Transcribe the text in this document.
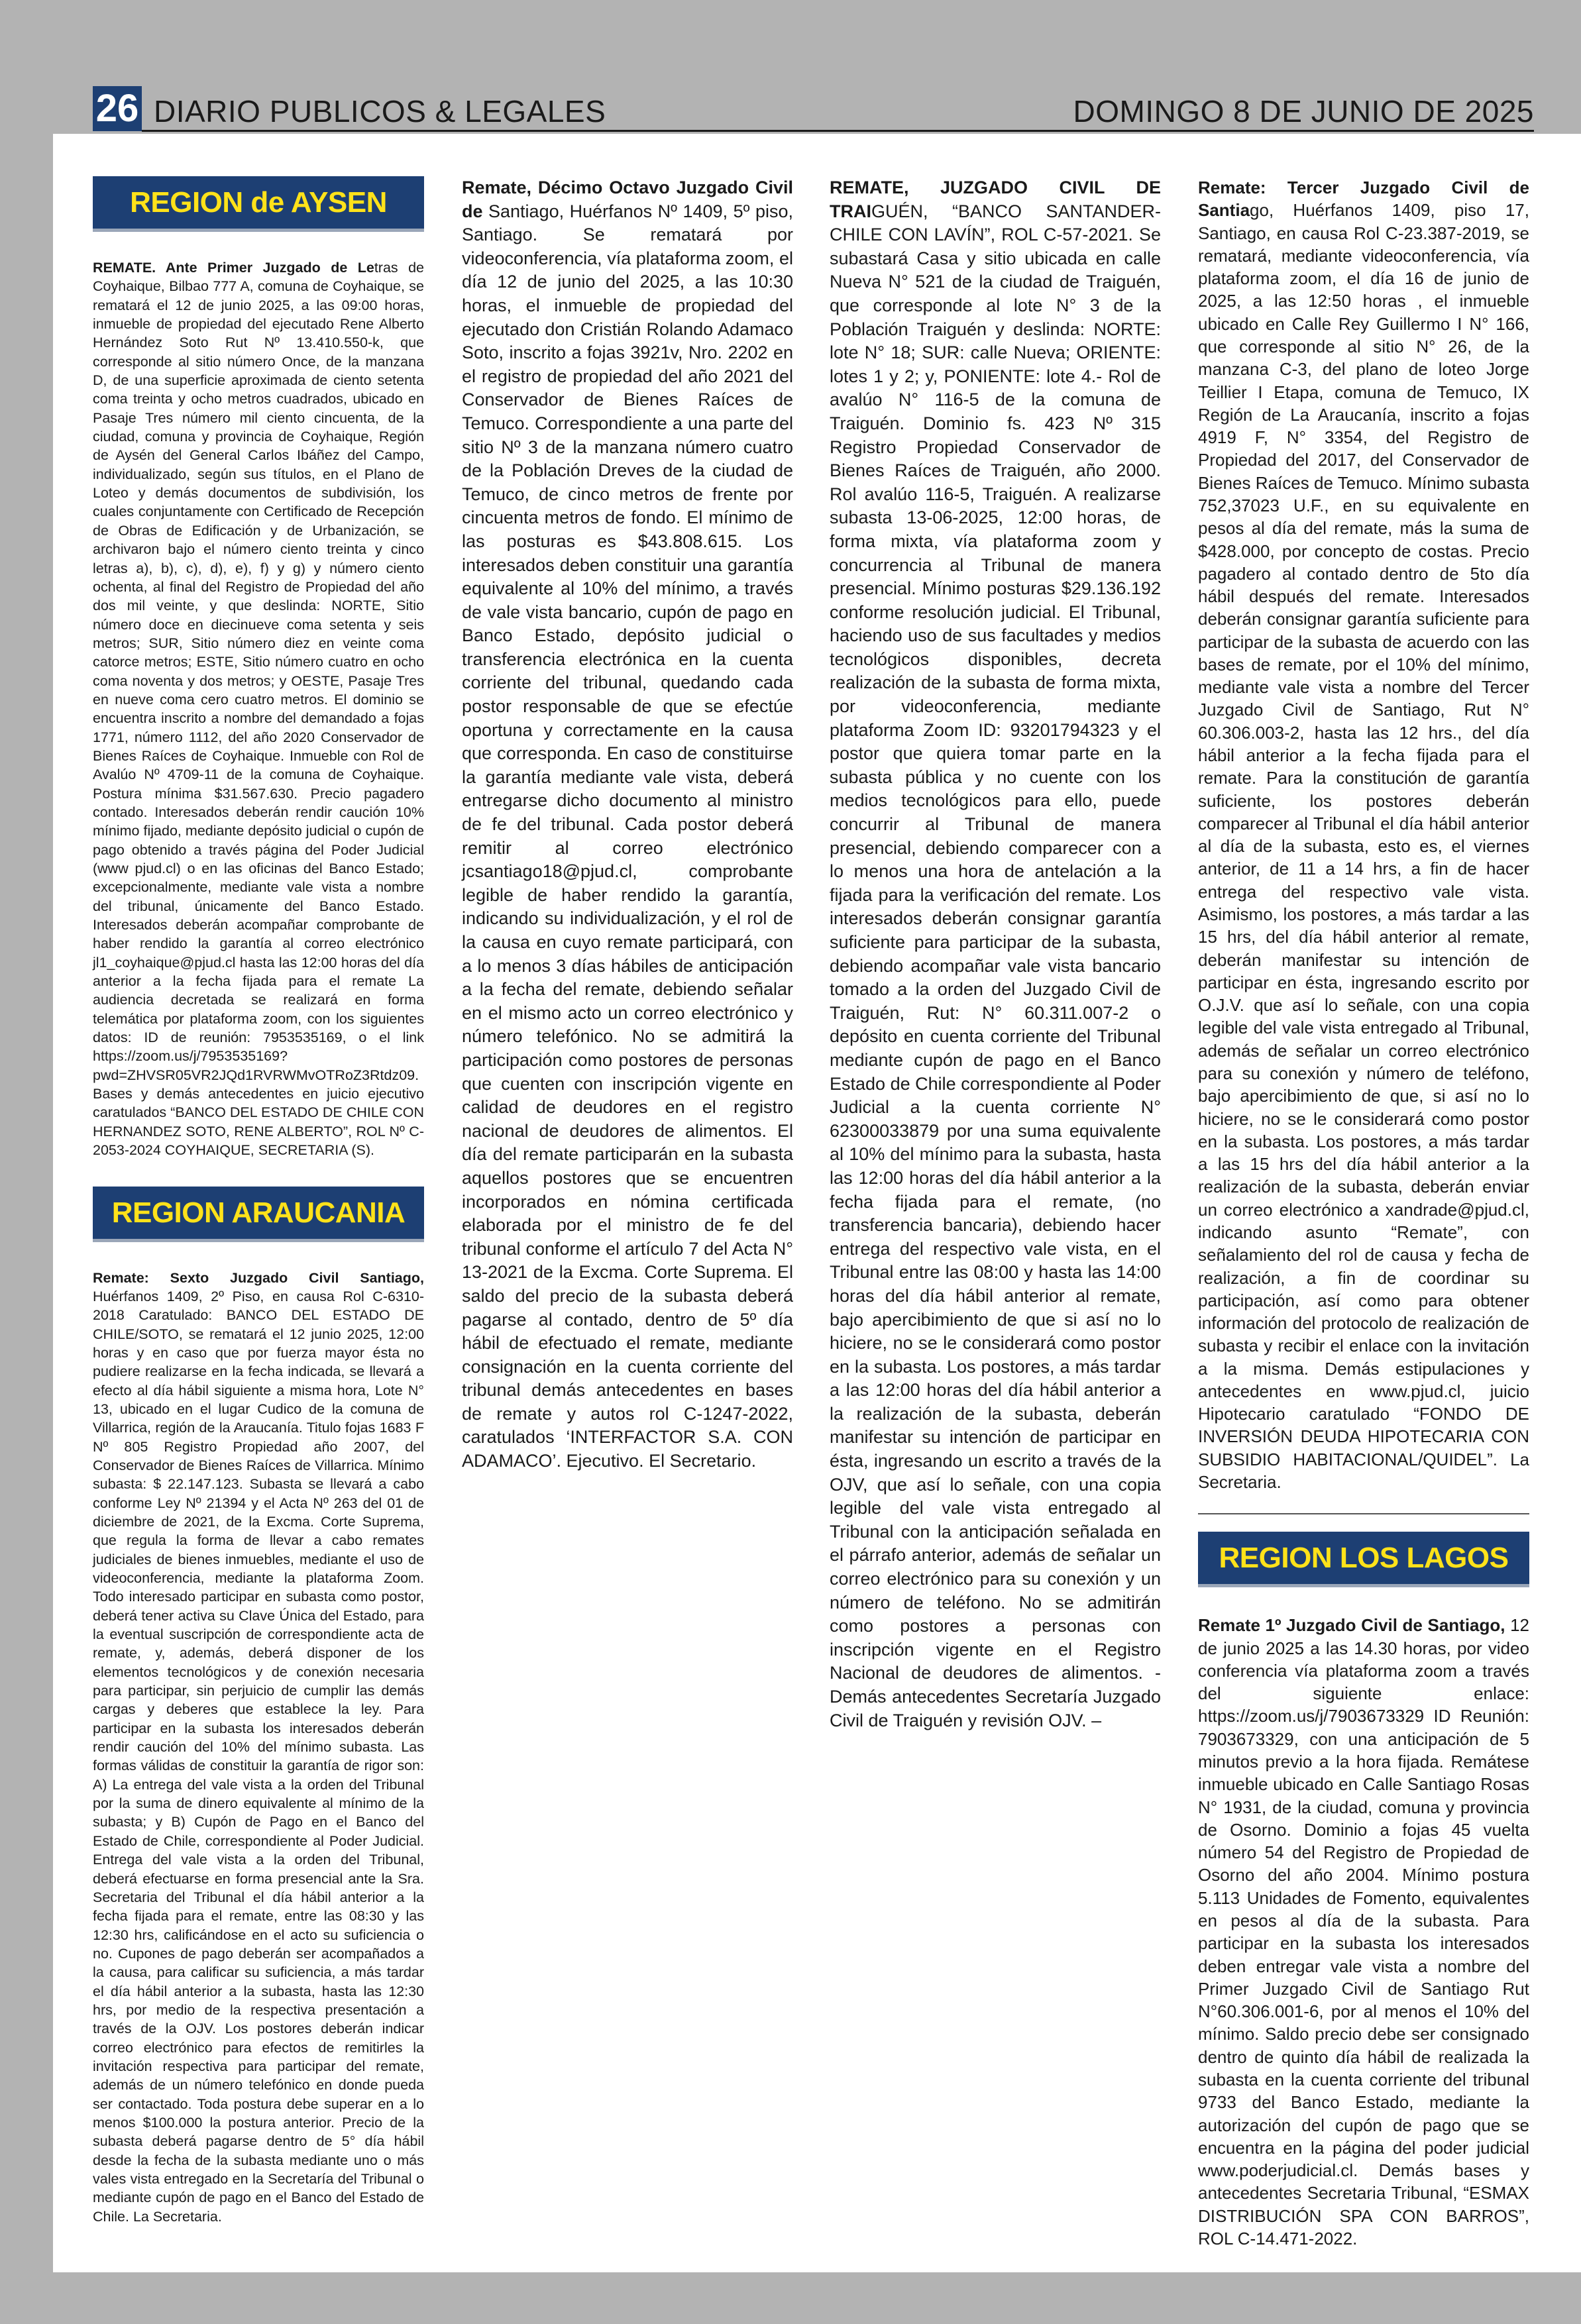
26 DIARIO PUBLICOS & LEGALES	DOMINGO 8 DE JUNIO DE 2025
REGION de AYSEN

REMATE. Ante Primer Juzgado de Letras de Coyhaique, Bilbao 777 A, comuna de Coyhaique, se rematará el 12 de junio 2025, a las 09:00 horas, inmueble de propiedad del ejecutado Rene Alberto Hernández Soto Rut Nº 13.410.550-k, que corresponde al sitio número Once, de la manzana D, de una superficie aproximada de ciento setenta coma treinta y ocho metros cuadrados, ubicado en Pasaje Tres número mil ciento cincuenta, de la ciudad, comuna y provincia de Coyhaique, Región de Aysén del General Carlos Ibáñez del Campo, individualizado, según sus títulos, en el Plano de Loteo y demás documentos de subdivisión, los cuales conjuntamente con Certificado de Recepción de Obras de Edificación y de Urbanización, se archivaron bajo el número ciento treinta y cinco letras a), b), c), d), e), f) y g) y número ciento ochenta, al final del Registro de Propiedad del año dos mil veinte, y que deslinda: NORTE, Sitio número doce en diecinueve coma setenta y seis metros; SUR, Sitio número diez en veinte coma catorce metros; ESTE, Sitio número cuatro en ocho coma noventa y dos metros; y OESTE, Pasaje Tres en nueve coma cero cuatro metros. El dominio se encuentra inscrito a nombre del demandado a fojas 1771, número 1112, del año 2020 Conservador de Bienes Raíces de Coyhaique. Inmueble con Rol de Avalúo Nº 4709-11 de la comuna de Coyhaique. Postura mínima $31.567.630. Precio pagadero contado. Interesados deberán rendir caución 10% mínimo fijado, mediante depósito judicial o cupón de pago obtenido a través página del Poder Judicial (www pjud.cl) o en las oficinas del Banco Estado; excepcionalmente, mediante vale vista a nombre del tribunal, únicamente del Banco Estado. Interesados deberán acompañar comprobante de haber rendido la garantía al correo electrónico jl1_coyhaique@pjud.cl hasta las 12:00 horas del día anterior a la fecha fijada para el remate La audiencia decretada se realizará en forma telemática por plataforma zoom, con los siguientes datos: ID de reunión: 7953535169, o el link https://zoom.us/j/7953535169?pwd=ZHVSR05VR2JQd1RVRWMvOTRoZ3Rtdz09. Bases y demás antecedentes en juicio ejecutivo caratulados “BANCO DEL ESTADO DE CHILE CON HERNANDEZ SOTO, RENE ALBERTO”, ROL Nº C-2053-2024 COYHAIQUE, SECRETARIA (S).

REGION ARAUCANIA

Remate: Sexto Juzgado Civil Santiago, Huérfanos 1409, 2º Piso, en causa Rol C-6310-2018 Caratulado: BANCO DEL ESTADO DE CHILE/SOTO, se rematará el 12 junio 2025, 12:00 horas y en caso que por fuerza mayor ésta no pudiere realizarse en la fecha indicada, se llevará a efecto al día hábil siguiente a misma hora, Lote N° 13, ubicado en el lugar Cudico de la comuna de Villarrica, región de la Araucanía. Titulo fojas 1683 F Nº 805 Registro Propiedad año 2007, del Conservador de Bienes Raíces de Villarrica. Mínimo subasta: $ 22.147.123. Subasta se llevará a cabo conforme Ley Nº 21394 y el Acta Nº 263 del 01 de diciembre de 2021, de la Excma. Corte Suprema, que regula la forma de llevar a cabo remates judiciales de bienes inmuebles, mediante el uso de videoconferencia, mediante la plataforma Zoom. Todo interesado participar en subasta como postor, deberá tener activa su Clave Única del Estado, para la eventual suscripción de correspondiente acta de remate, y, además, deberá disponer de los elementos tecnológicos y de conexión necesaria para participar, sin perjuicio de cumplir las demás cargas y deberes que establece la ley. Para participar en la subasta los interesados deberán rendir caución del 10% del mínimo subasta. Las formas válidas de constituir la garantía de rigor son: A) La entrega del vale vista a la orden del Tribunal por la suma de dinero equivalente al mínimo de la subasta; y B) Cupón de Pago en el Banco del Estado de Chile, correspondiente al Poder Judicial. Entrega del vale vista a la orden del Tribunal, deberá efectuarse en forma presencial ante la Sra. Secretaria del Tribunal el día hábil anterior a la fecha fijada para el remate, entre las 08:30 y las 12:30 hrs, calificándose en el acto su suficiencia o no. Cupones de pago deberán ser acompañados a la causa, para calificar su suficiencia, a más tardar el día hábil anterior a la subasta, hasta las 12:30 hrs, por medio de la respectiva presentación a través de la OJV. Los postores deberán indicar correo electrónico para efectos de remitirles la invitación respectiva para participar del remate, además de un número telefónico en donde pueda ser contactado. Toda postura debe superar en a lo menos $100.000 la postura anterior. Precio de la subasta deberá pagarse dentro de 5° día hábil desde la fecha de la subasta mediante uno o más vales vista entregado en la Secretaría del Tribunal o mediante cupón de pago en el Banco del Estado de Chile. La Secretaria.

Remate, Décimo Octavo Juzgado Civil de Santiago, Huérfanos Nº 1409, 5º piso, Santiago. Se rematará por videoconferencia, vía plataforma zoom, el día 12 de junio del 2025, a las 10:30 horas, el inmueble de propiedad del ejecutado don Cristián Rolando Adamaco Soto, inscrito a fojas 3921v, Nro. 2202 en el registro de propiedad del año 2021 del Conservador de Bienes Raíces de Temuco. Correspondiente a una parte del sitio Nº 3 de la manzana número cuatro de la Población Dreves de la ciudad de Temuco, de cinco metros de frente por cincuenta metros de fondo. El mínimo de las posturas es $43.808.615. Los interesados deben constituir una garantía equivalente al 10% del mínimo, a través de vale vista bancario, cupón de pago en Banco Estado, depósito judicial o transferencia electrónica en la cuenta corriente del tribunal, quedando cada postor responsable de que se efectúe oportuna y correctamente en la causa que corresponda. En caso de constituirse la garantía mediante vale vista, deberá entregarse dicho documento al ministro de fe del tribunal. Cada postor deberá remitir al correo electrónico jcsantiago18@pjud.cl, comprobante legible de haber rendido la garantía, indicando su individualización, y el rol de la causa en cuyo remate participará, con a lo menos 3 días hábiles de anticipación a la fecha del remate, debiendo señalar en el mismo acto un correo electrónico y número telefónico. No se admitirá la participación como postores de personas que cuenten con inscripción vigente en calidad de deudores en el registro nacional de deudores de alimentos. El día del remate participarán en la subasta aquellos postores que se encuentren incorporados en nómina certificada elaborada por el ministro de fe del tribunal conforme el artículo 7 del Acta N° 13-2021 de la Excma. Corte Suprema. El saldo del precio de la subasta deberá pagarse al contado, dentro de 5º día hábil de efectuado el remate, mediante consignación en la cuenta corriente del tribunal demás antecedentes en bases de remate y autos rol C-1247-2022, caratulados ‘INTERFACTOR S.A. CON ADAMACO’. Ejecutivo. El Secretario.

REMATE, JUZGADO CIVIL DE TRAIGUÉN, “BANCO SANTANDER-CHILE CON LAVÍN”, ROL C-57-2021. Se subastará Casa y sitio ubicada en calle Nueva N° 521 de la ciudad de Traiguén, que corresponde al lote N° 3 de la Población Traiguén y deslinda: NORTE: lote N° 18; SUR: calle Nueva; ORIENTE: lotes 1 y 2; y, PONIENTE: lote 4.- Rol de avalúo N° 116-5 de la comuna de Traiguén. Dominio fs. 423 Nº 315 Registro Propiedad Conservador de Bienes Raíces de Traiguén, año 2000. Rol avalúo 116-5, Traiguén. A realizarse subasta 13-06-2025, 12:00 horas, de forma mixta, vía plataforma zoom y concurrencia al Tribunal de manera presencial. Mínimo posturas $29.136.192 conforme resolución judicial. El Tribunal, haciendo uso de sus facultades y medios tecnológicos disponibles, decreta realización de la subasta de forma mixta, por videoconferencia, mediante plataforma Zoom ID: 93201794323 y el postor que quiera tomar parte en la subasta pública y no cuente con los medios tecnológicos para ello, puede concurrir al Tribunal de manera presencial, debiendo comparecer con a lo menos una hora de antelación a la fijada para la verificación del remate. Los interesados deberán consignar garantía suficiente para participar de la subasta, debiendo acompañar vale vista bancario tomado a la orden del Juzgado Civil de Traiguén, Rut: N° 60.311.007-2 o depósito en cuenta corriente del Tribunal mediante cupón de pago en el Banco Estado de Chile correspondiente al Poder Judicial a la cuenta corriente N° 62300033879 por una suma equivalente al 10% del mínimo para la subasta, hasta las 12:00 horas del día hábil anterior a la fecha fijada para el remate, (no transferencia bancaria), debiendo hacer entrega del respectivo vale vista, en el Tribunal entre las 08:00 y hasta las 14:00 horas del día hábil anterior al remate, bajo apercibimiento de que si así no lo hiciere, no se le considerará como postor en la subasta. Los postores, a más tardar a las 12:00 horas del día hábil anterior a la realización de la subasta, deberán manifestar su intención de participar en ésta, ingresando un escrito a través de la OJV, que así lo señale, con una copia legible del vale vista entregado al Tribunal con la anticipación señalada en el párrafo anterior, además de señalar un correo electrónico para su conexión y un número de teléfono. No se admitirán como postores a personas con inscripción vigente en el Registro Nacional de deudores de alimentos. - Demás antecedentes Secretaría Juzgado Civil de Traiguén y revisión OJV. –

Remate: Tercer Juzgado Civil de Santiago, Huérfanos 1409, piso 17, Santiago, en causa Rol C-23.387-2019, se rematará, mediante videoconferencia, vía plataforma zoom, el día 16 de junio de 2025, a las 12:50 horas , el inmueble ubicado en Calle Rey Guillermo I N° 166, que corresponde al sitio N° 26, de la manzana C-3, del plano de loteo Jorge Teillier I Etapa, comuna de Temuco, IX Región de La Araucanía, inscrito a fojas 4919 F, N° 3354, del Registro de Propiedad del 2017, del Conservador de Bienes Raíces de Temuco. Mínimo subasta 752,37023 U.F., en su equivalente en pesos al día del remate, más la suma de $428.000, por concepto de costas. Precio pagadero al contado dentro de 5to día hábil después del remate. Interesados deberán consignar garantía suficiente para participar de la subasta de acuerdo con las bases de remate, por el 10% del mínimo, mediante vale vista a nombre del Tercer Juzgado Civil de Santiago, Rut N° 60.306.003-2, hasta las 12 hrs., del día hábil anterior a la fecha fijada para el remate. Para la constitución de garantía suficiente, los postores deberán comparecer al Tribunal el día hábil anterior al día de la subasta, esto es, el viernes anterior, de 11 a 14 hrs, a fin de hacer entrega del respectivo vale vista. Asimismo, los postores, a más tardar a las 15 hrs, del día hábil anterior al remate, deberán manifestar su intención de participar en ésta, ingresando escrito por O.J.V. que así lo señale, con una copia legible del vale vista entregado al Tribunal, además de señalar un correo electrónico para su conexión y número de teléfono, bajo apercibimiento de que, si así no lo hiciere, no se le considerará como postor en la subasta. Los postores, a más tardar a las 15 hrs del día hábil anterior a la realización de la subasta, deberán enviar un correo electrónico a xandrade@pjud.cl, indicando asunto “Remate”, con señalamiento del rol de causa y fecha de realización, a fin de coordinar su participación, así como para obtener información del protocolo de realización de subasta y recibir el enlace con la invitación a la misma. Demás estipulaciones y antecedentes en www.pjud.cl, juicio Hipotecario caratulado “FONDO DE INVERSIÓN DEUDA HIPOTECARIA CON SUBSIDIO HABITACIONAL/QUIDEL”. La Secretaria.

REGION LOS LAGOS

Remate 1º Juzgado Civil de Santiago, 12 de junio 2025 a las 14.30 horas, por video conferencia vía plataforma zoom a través del siguiente enlace: https://zoom.us/j/7903673329 ID Reunión: 7903673329, con una anticipación de 5 minutos previo a la hora fijada. Remátese inmueble ubicado en Calle Santiago Rosas N° 1931, de la ciudad, comuna y provincia de Osorno. Dominio a fojas 45 vuelta número 54 del Registro de Propiedad de Osorno del año 2004. Mínimo postura 5.113 Unidades de Fomento, equivalentes en pesos al día de la subasta. Para participar en la subasta los interesados deben entregar vale vista a nombre del Primer Juzgado Civil de Santiago Rut N°60.306.001-6, por al menos el 10% del mínimo. Saldo precio debe ser consignado dentro de quinto día hábil de realizada la subasta en la cuenta corriente del tribunal 9733 del Banco Estado, mediante la autorización del cupón de pago que se encuentra en la página del poder judicial www.poderjudicial.cl. Demás bases y antecedentes Secretaria Tribunal, “ESMAX DISTRIBUCIÓN SPA CON BARROS”, ROL C-14.471-2022.
